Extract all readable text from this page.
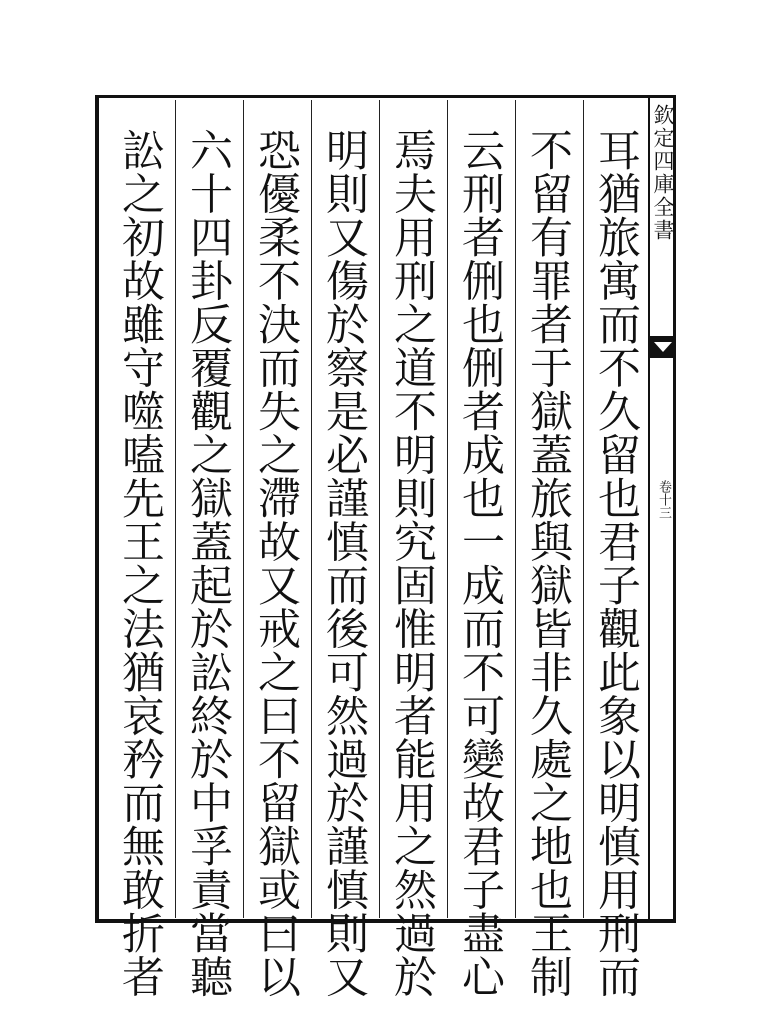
欽定四庫全書
卷十三
耳猶旅寓而不久留也君子觀此象以明慎用刑而
不留有罪者于獄蓋旅與獄皆非久處之地也王制
云刑者侀也侀者成也一成而不可變故君子盡心
焉夫用刑之道不明則究固惟明者能用之然過於
明則又傷於察是必謹慎而後可然過於謹慎則又
恐優柔不決而失之滯故又戒之曰不留獄或曰以
六十四卦反覆觀之獄蓋起於訟終於中孚責當聽
訟之初故雖守噬嗑先王之法猶哀矜而無敢折者
